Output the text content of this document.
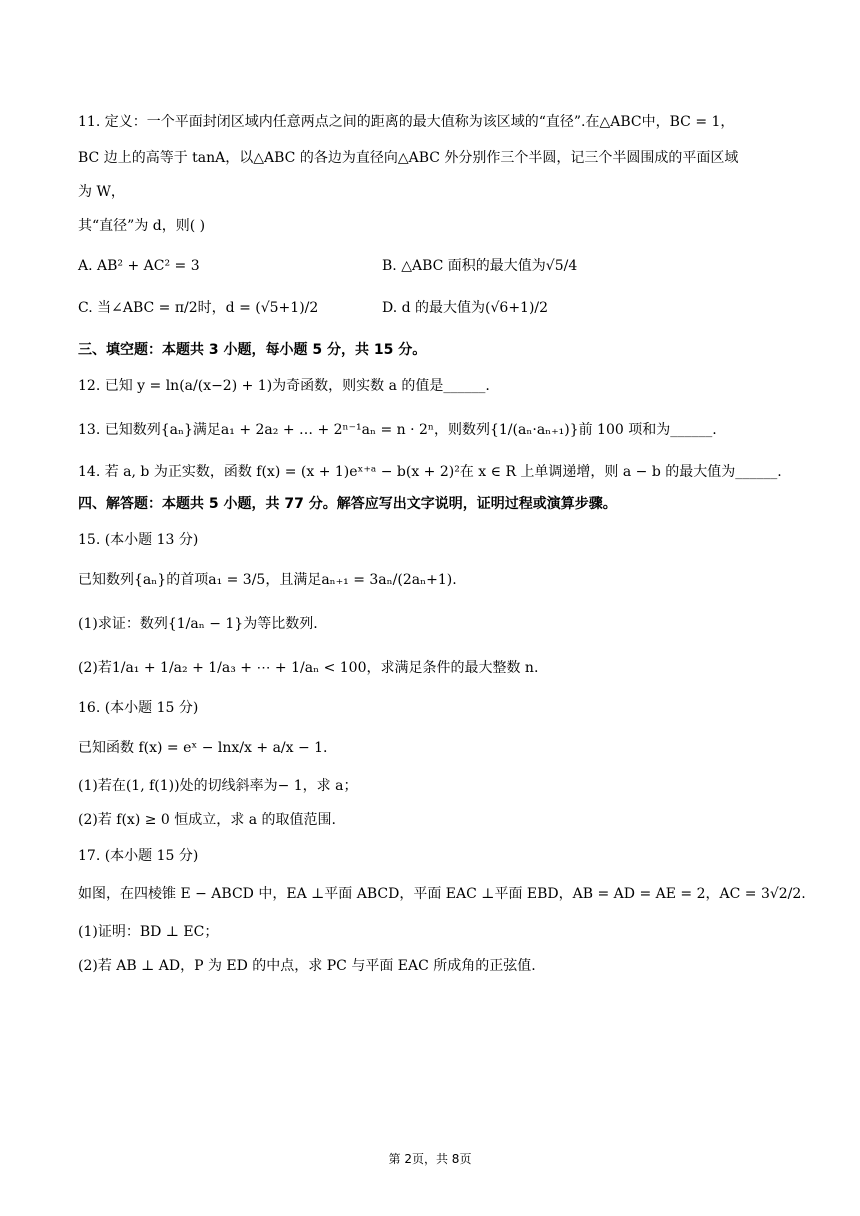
11. 定义：一个平面封闭区域内任意两点之间的距离的最大值称为该区域的“直径”.在△ABC中，BC = 1，
BC 边上的高等于 tanA，以△ABC 的各边为直径向△ABC 外分别作三个半圆，记三个半圆围成的平面区域
为 W，
其“直径”为 d，则( )
A. AB² + AC² = 3	B. △ABC 面积的最大值为√5/4
C. 当∠ABC = π/2时，d = (√5+1)/2	D. d 的最大值为(√6+1)/2
三、填空题：本题共 3 小题，每小题 5 分，共 15 分。
12. 已知 y = ln(a/(x−2) + 1)为奇函数，则实数 a 的值是______.
13. 已知数列{aₙ}满足a₁ + 2a₂ + … + 2ⁿ⁻¹aₙ = n · 2ⁿ，则数列{1/(aₙ·aₙ₊₁)}前 100 项和为______.
14. 若 a, b 为正实数，函数 f(x) = (x + 1)eˣ⁺ᵃ − b(x + 2)²在 x ∈ R 上单调递增，则 a − b 的最大值为______.
四、解答题：本题共 5 小题，共 77 分。解答应写出文字说明，证明过程或演算步骤。
15. (本小题 13 分)
已知数列{aₙ}的首项a₁ = 3/5，且满足aₙ₊₁ = 3aₙ/(2aₙ+1).
(1)求证：数列{1/aₙ − 1}为等比数列.
(2)若1/a₁ + 1/a₂ + 1/a₃ + ⋯ + 1/aₙ < 100，求满足条件的最大整数 n.
16. (本小题 15 分)
已知函数 f(x) = eˣ − lnx/x + a/x − 1.
(1)若在(1, f(1))处的切线斜率为− 1，求 a；
(2)若 f(x) ≥ 0 恒成立，求 a 的取值范围.
17. (本小题 15 分)
如图，在四棱锥 E − ABCD 中，EA ⊥平面 ABCD，平面 EAC ⊥平面 EBD，AB = AD = AE = 2，AC = 3√2/2.
(1)证明：BD ⊥ EC；
(2)若 AB ⊥ AD，P 为 ED 的中点，求 PC 与平面 EAC 所成角的正弦值.
第 2页，共 8页
